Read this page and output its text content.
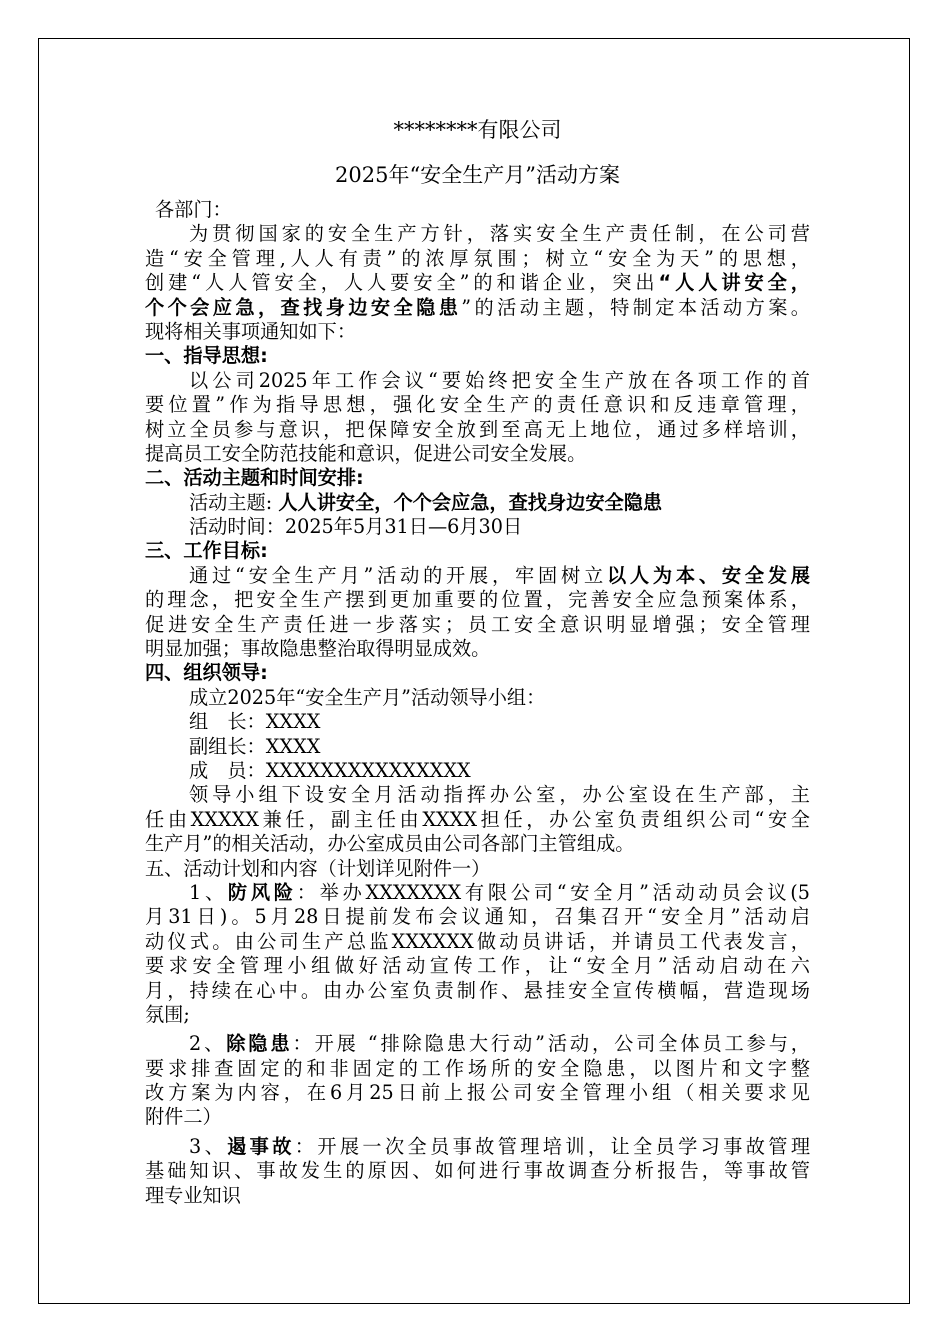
********有限公司
2025年“安全生产月”活动方案
各部门：
为贯彻国家的安全生产方针，落实安全生产责任制，在公司营
造“安全管理,人人有责”的浓厚氛围；树立“安全为天”的思想，
创建“人人管安全，人人要安全”的和谐企业，突出“人人讲安全，
个个会应急，查找身边安全隐患”的活动主题，特制定本活动方案。
现将相关事项通知如下：
一、指导思想:
以公司2025年工作会议“要始终把安全生产放在各项工作的首
要位置”作为指导思想，强化安全生产的责任意识和反违章管理，
树立全员参与意识，把保障安全放到至高无上地位，通过多样培训，
提高员工安全防范技能和意识，促进公司安全发展。
二、活动主题和时间安排:
活动主题: 人人讲安全，个个会应急，查找身边安全隐患
活动时间：2025年5月31日—6月30日
三、工作目标:
通过“安全生产月”活动的开展，牢固树立以人为本、安全发展
的理念，把安全生产摆到更加重要的位置，完善安全应急预案体系，
促进安全生产责任进一步落实；员工安全意识明显增强；安全管理
明显加强；事故隐患整治取得明显成效。
四、组织领导:
成立2025年“安全生产月”活动领导小组：
组　长：XXXX
副组长：XXXX
成　员：XXXXXXXXXXXXXXX
领导小组下设安全月活动指挥办公室，办公室设在生产部，主
任由XXXXX兼任，副主任由XXXX担任，办公室负责组织公司“安全
生产月”的相关活动，办公室成员由公司各部门主管组成。
五、活动计划和内容（计划详见附件一）
1、防风险：举办XXXXXXX有限公司“安全月”活动动员会议(5
月31日)。5月28日提前发布会议通知，召集召开“安全月”活动启
动仪式。由公司生产总监XXXXXX做动员讲话，并请员工代表发言，
要求安全管理小组做好活动宣传工作，让“安全月”活动启动在六
月，持续在心中。由办公室负责制作、悬挂安全宣传横幅，营造现场
氛围;
2、除隐患：开展 “排除隐患大行动”活动，公司全体员工参与，
要求排查固定的和非固定的工作场所的安全隐患，以图片和文字整
改方案为内容，在6月25日前上报公司安全管理小组（相关要求见
附件二）
3、遏事故：开展一次全员事故管理培训，让全员学习事故管理
基础知识、事故发生的原因、如何进行事故调查分析报告，等事故管
理专业知识
